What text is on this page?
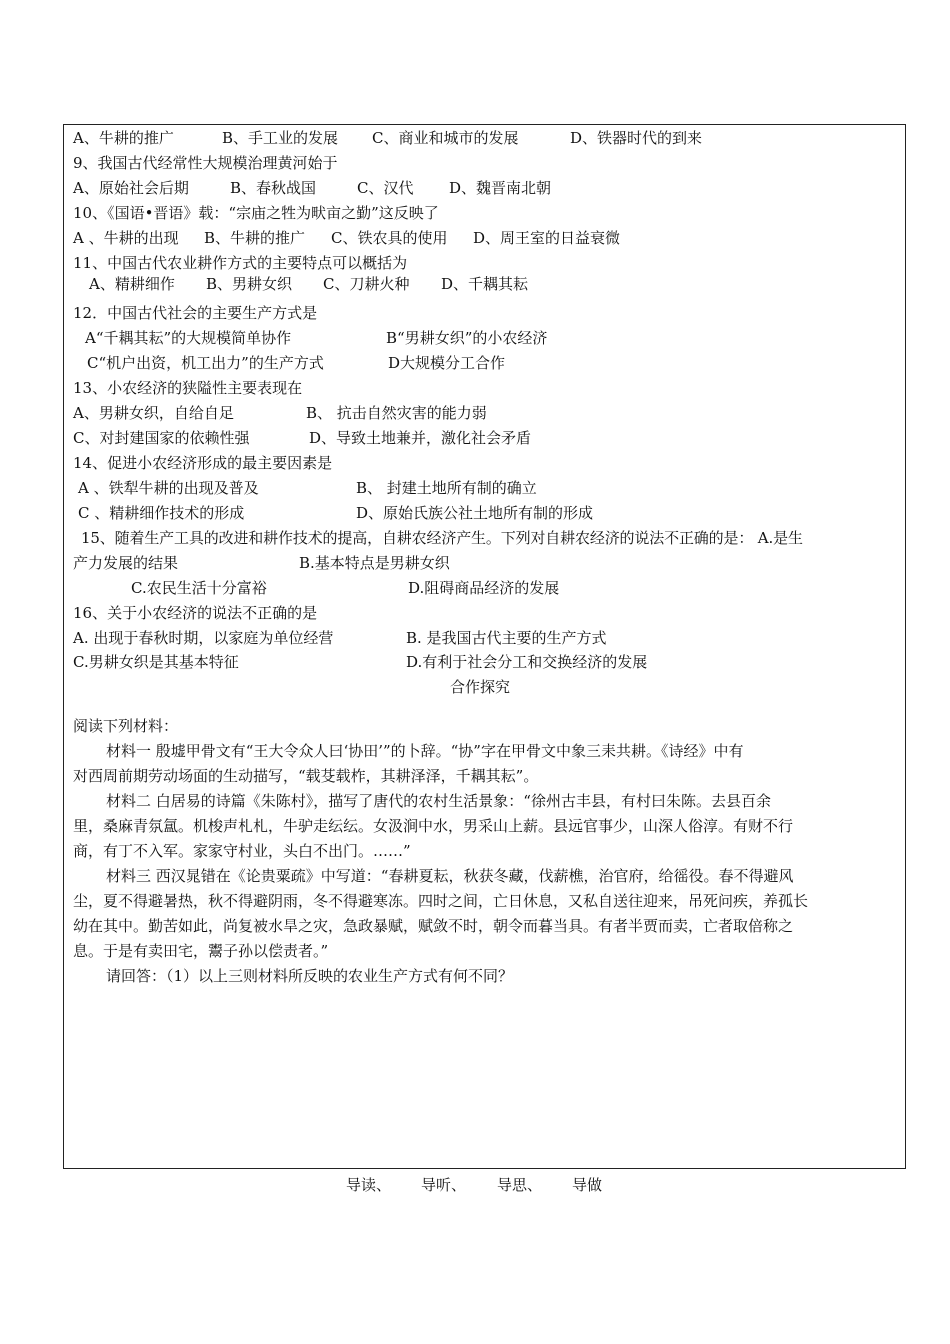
A、牛耕的推广	B、手工业的发展 C、商业和城市的发展	D、铁器时代的到来
9、我国古代经常性大规模治理黄河始于
A、原始社会后期	B、春秋战国	C、汉代 D、魏晋南北朝
10、《国语•晋语》载：“宗庙之牲为畎亩之勤”这反映了
A 、牛耕的出现 B、牛耕的推广 C、铁农具的使用 D、周王室的日益衰微
11、中国古代农业耕作方式的主要特点可以概括为
A、精耕细作 B、男耕女织 C、刀耕火种 D、千耦其耘
12．中国古代社会的主要生产方式是
A“千耦其耘”的大规模简单协作	B“男耕女织”的小农经济
C“机户出资，机工出力”的生产方式	D大规模分工合作
13、小农经济的狭隘性主要表现在
A、男耕女织，自给自足	B、 抗击自然灾害的能力弱
C、对封建国家的依赖性强	D、导致土地兼并，激化社会矛盾
14、促进小农经济形成的最主要因素是
A 、铁犁牛耕的出现及普及	B、 封建土地所有制的确立
C 、精耕细作技术的形成	D、原始氏族公社土地所有制的形成
15、随着生产工具的改进和耕作技术的提高，自耕农经济产生。下列对自耕农经济的说法不正确的是： A.是生
产力发展的结果	B.基本特点是男耕女织
C.农民生活十分富裕	D.阻碍商品经济的发展
16、关于小农经济的说法不正确的是
A. 出现于春秋时期，以家庭为单位经营	B. 是我国古代主要的生产方式
C.男耕女织是其基本特征	D.有利于社会分工和交换经济的发展
合作探究
阅读下列材料：
材料一 殷墟甲骨文有“王大令众人曰‘协田’”的卜辞。“协”字在甲骨文中象三耒共耕。《诗经》中有
对西周前期劳动场面的生动描写，“载芟载柞，其耕泽泽，千耦其耘”。
材料二 白居易的诗篇《朱陈村》，描写了唐代的农村生活景象：“徐州古丰县，有村曰朱陈。去县百余
里，桑麻青氛氲。机梭声札札，牛驴走纭纭。女汲涧中水，男采山上薪。县远官事少，山深人俗淳。有财不行
商，有丁不入军。家家守村业，头白不出门。……”
材料三 西汉晁错在《论贵粟疏》中写道：“春耕夏耘，秋获冬藏，伐薪樵，治官府，给徭役。春不得避风
尘，夏不得避暑热，秋不得避阴雨，冬不得避寒冻。四时之间，亡日休息，又私自送往迎来，吊死问疾，养孤长
幼在其中。勤苦如此，尚复被水旱之灾，急政暴赋，赋敛不时，朝令而暮当具。有者半贾而卖，亡者取倍称之
息。于是有卖田宅，鬻子孙以偿责者。”
请回答：（1）以上三则材料所反映的农业生产方式有何不同？
导读、 导听、 导思、 导做
